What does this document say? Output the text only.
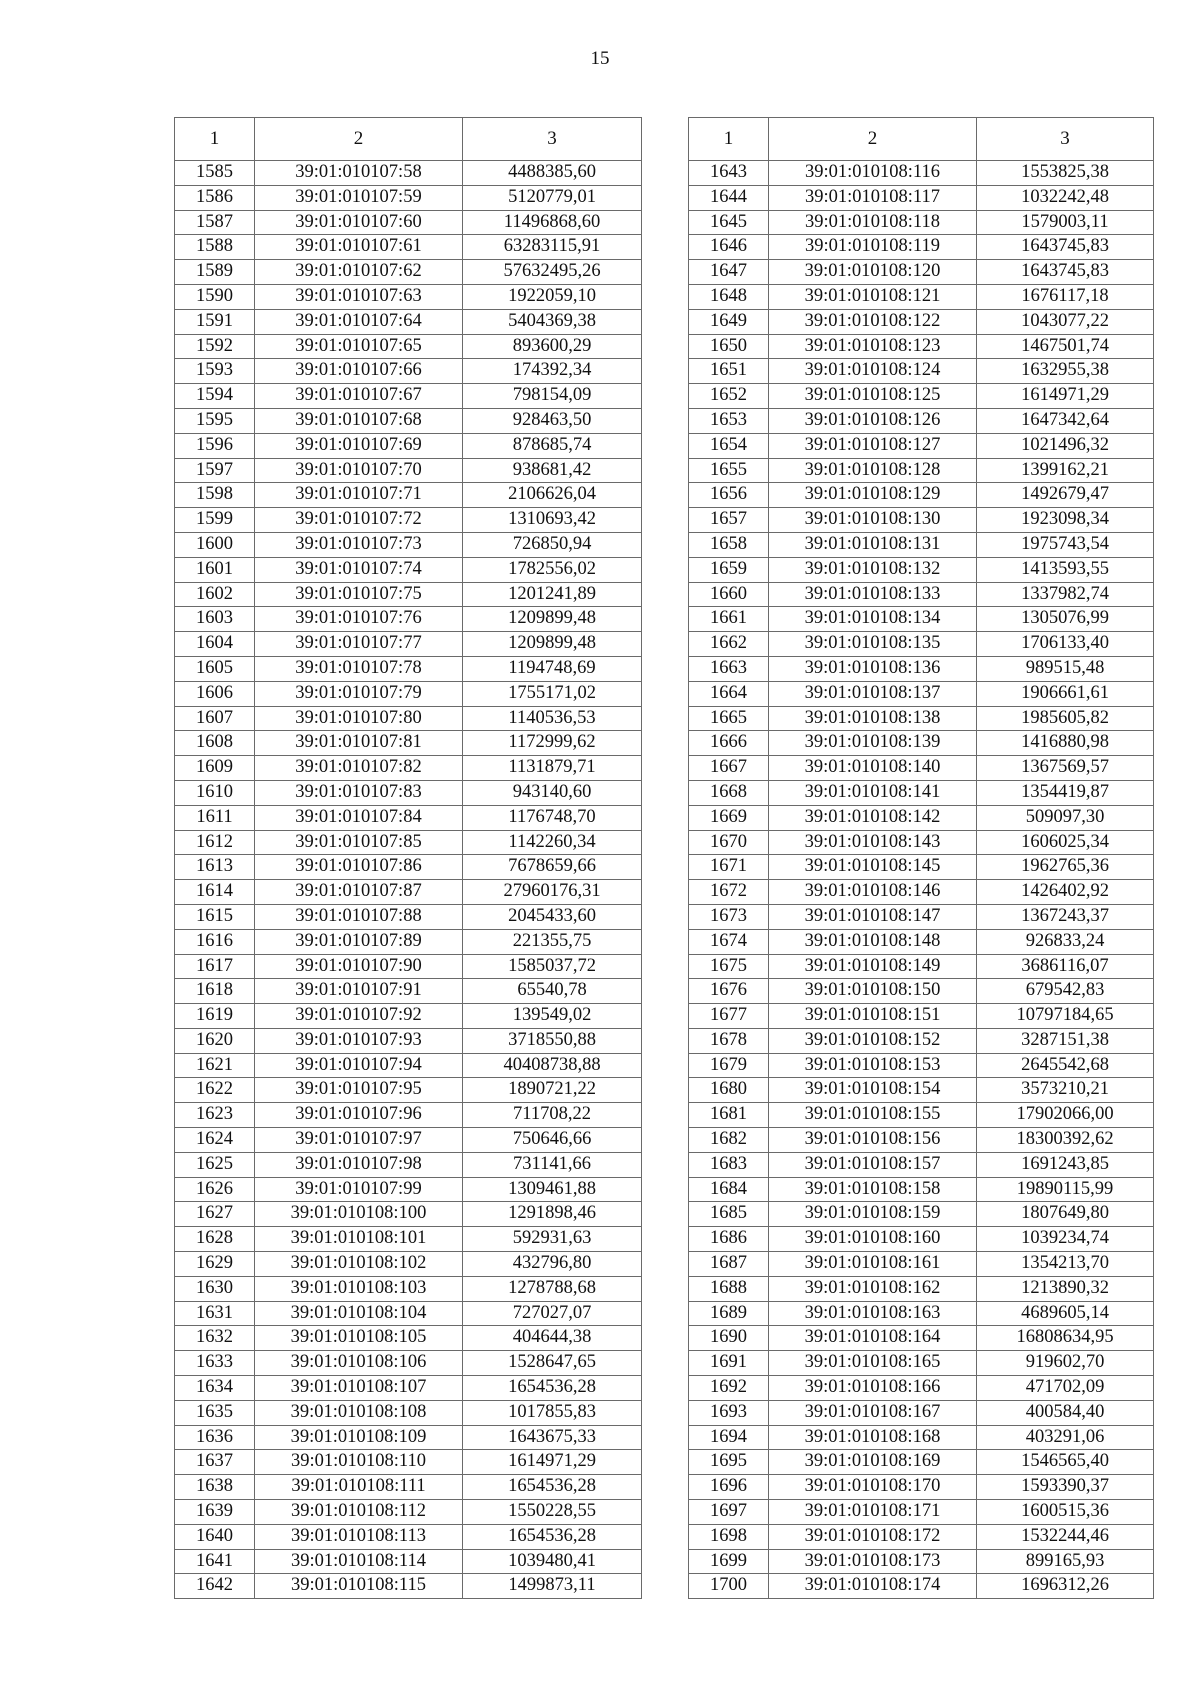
15
1	2	3
1585	39:01:010107:58	4488385,60
1586	39:01:010107:59	5120779,01
1587	39:01:010107:60	11496868,60
1588	39:01:010107:61	63283115,91
1589	39:01:010107:62	57632495,26
1590	39:01:010107:63	1922059,10
1591	39:01:010107:64	5404369,38
1592	39:01:010107:65	893600,29
1593	39:01:010107:66	174392,34
1594	39:01:010107:67	798154,09
1595	39:01:010107:68	928463,50
1596	39:01:010107:69	878685,74
1597	39:01:010107:70	938681,42
1598	39:01:010107:71	2106626,04
1599	39:01:010107:72	1310693,42
1600	39:01:010107:73	726850,94
1601	39:01:010107:74	1782556,02
1602	39:01:010107:75	1201241,89
1603	39:01:010107:76	1209899,48
1604	39:01:010107:77	1209899,48
1605	39:01:010107:78	1194748,69
1606	39:01:010107:79	1755171,02
1607	39:01:010107:80	1140536,53
1608	39:01:010107:81	1172999,62
1609	39:01:010107:82	1131879,71
1610	39:01:010107:83	943140,60
1611	39:01:010107:84	1176748,70
1612	39:01:010107:85	1142260,34
1613	39:01:010107:86	7678659,66
1614	39:01:010107:87	27960176,31
1615	39:01:010107:88	2045433,60
1616	39:01:010107:89	221355,75
1617	39:01:010107:90	1585037,72
1618	39:01:010107:91	65540,78
1619	39:01:010107:92	139549,02
1620	39:01:010107:93	3718550,88
1621	39:01:010107:94	40408738,88
1622	39:01:010107:95	1890721,22
1623	39:01:010107:96	711708,22
1624	39:01:010107:97	750646,66
1625	39:01:010107:98	731141,66
1626	39:01:010107:99	1309461,88
1627	39:01:010108:100	1291898,46
1628	39:01:010108:101	592931,63
1629	39:01:010108:102	432796,80
1630	39:01:010108:103	1278788,68
1631	39:01:010108:104	727027,07
1632	39:01:010108:105	404644,38
1633	39:01:010108:106	1528647,65
1634	39:01:010108:107	1654536,28
1635	39:01:010108:108	1017855,83
1636	39:01:010108:109	1643675,33
1637	39:01:010108:110	1614971,29
1638	39:01:010108:111	1654536,28
1639	39:01:010108:112	1550228,55
1640	39:01:010108:113	1654536,28
1641	39:01:010108:114	1039480,41
1642	39:01:010108:115	1499873,11
1	2	3
1643	39:01:010108:116	1553825,38
1644	39:01:010108:117	1032242,48
1645	39:01:010108:118	1579003,11
1646	39:01:010108:119	1643745,83
1647	39:01:010108:120	1643745,83
1648	39:01:010108:121	1676117,18
1649	39:01:010108:122	1043077,22
1650	39:01:010108:123	1467501,74
1651	39:01:010108:124	1632955,38
1652	39:01:010108:125	1614971,29
1653	39:01:010108:126	1647342,64
1654	39:01:010108:127	1021496,32
1655	39:01:010108:128	1399162,21
1656	39:01:010108:129	1492679,47
1657	39:01:010108:130	1923098,34
1658	39:01:010108:131	1975743,54
1659	39:01:010108:132	1413593,55
1660	39:01:010108:133	1337982,74
1661	39:01:010108:134	1305076,99
1662	39:01:010108:135	1706133,40
1663	39:01:010108:136	989515,48
1664	39:01:010108:137	1906661,61
1665	39:01:010108:138	1985605,82
1666	39:01:010108:139	1416880,98
1667	39:01:010108:140	1367569,57
1668	39:01:010108:141	1354419,87
1669	39:01:010108:142	509097,30
1670	39:01:010108:143	1606025,34
1671	39:01:010108:145	1962765,36
1672	39:01:010108:146	1426402,92
1673	39:01:010108:147	1367243,37
1674	39:01:010108:148	926833,24
1675	39:01:010108:149	3686116,07
1676	39:01:010108:150	679542,83
1677	39:01:010108:151	10797184,65
1678	39:01:010108:152	3287151,38
1679	39:01:010108:153	2645542,68
1680	39:01:010108:154	3573210,21
1681	39:01:010108:155	17902066,00
1682	39:01:010108:156	18300392,62
1683	39:01:010108:157	1691243,85
1684	39:01:010108:158	19890115,99
1685	39:01:010108:159	1807649,80
1686	39:01:010108:160	1039234,74
1687	39:01:010108:161	1354213,70
1688	39:01:010108:162	1213890,32
1689	39:01:010108:163	4689605,14
1690	39:01:010108:164	16808634,95
1691	39:01:010108:165	919602,70
1692	39:01:010108:166	471702,09
1693	39:01:010108:167	400584,40
1694	39:01:010108:168	403291,06
1695	39:01:010108:169	1546565,40
1696	39:01:010108:170	1593390,37
1697	39:01:010108:171	1600515,36
1698	39:01:010108:172	1532244,46
1699	39:01:010108:173	899165,93
1700	39:01:010108:174	1696312,26
